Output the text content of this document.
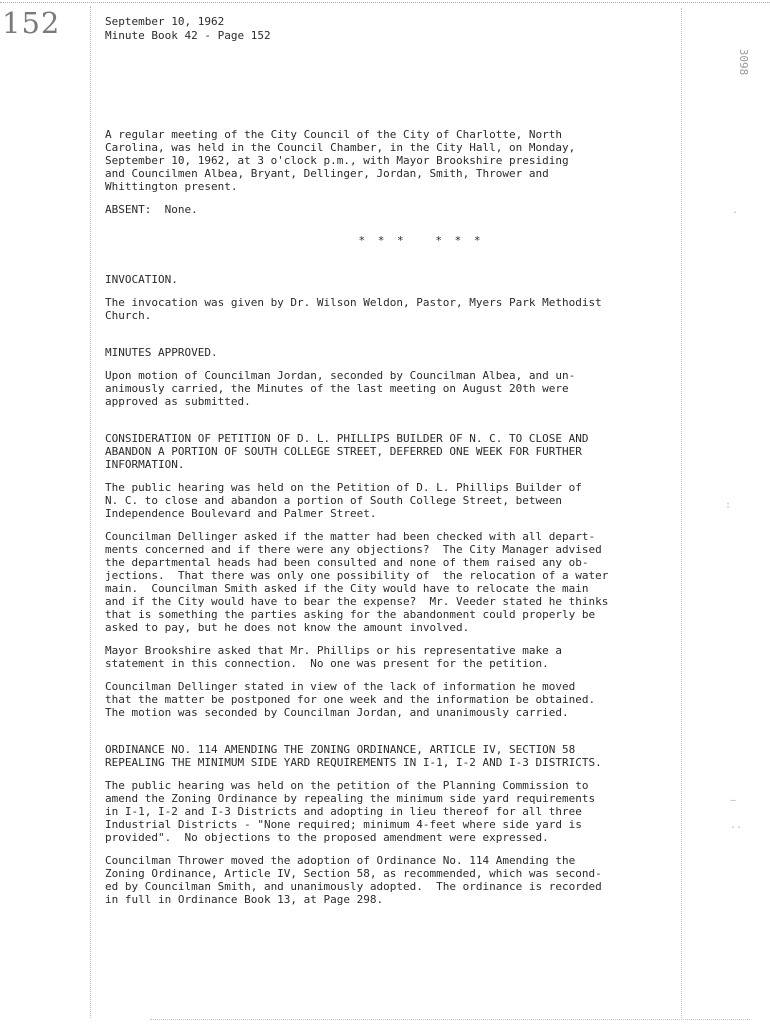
152	September 10, 1962
Minute Book 42 - Page 152
3098
.
:
—
..
A regular meeting of the City Council of the City of Charlotte, North
Carolina, was held in the Council Chamber, in the City Hall, on Monday,
September 10, 1962, at 3 o'clock p.m., with Mayor Brookshire presiding
and Councilmen Albea, Bryant, Dellinger, Jordan, Smith, Thrower and
Whittington present.
ABSENT:  None.
* * *   * * *
INVOCATION.
The invocation was given by Dr. Wilson Weldon, Pastor, Myers Park Methodist
Church.
MINUTES APPROVED.
Upon motion of Councilman Jordan, seconded by Councilman Albea, and un-
animously carried, the Minutes of the last meeting on August 20th were
approved as submitted.
CONSIDERATION OF PETITION OF D. L. PHILLIPS BUILDER OF N. C. TO CLOSE AND
ABANDON A PORTION OF SOUTH COLLEGE STREET, DEFERRED ONE WEEK FOR FURTHER
INFORMATION.
The public hearing was held on the Petition of D. L. Phillips Builder of
N. C. to close and abandon a portion of South College Street, between
Independence Boulevard and Palmer Street.
Councilman Dellinger asked if the matter had been checked with all depart-
ments concerned and if there were any objections?  The City Manager advised
the departmental heads had been consulted and none of them raised any ob-
jections.  That there was only one possibility of  the relocation of a water
main.  Councilman Smith asked if the City would have to relocate the main
and if the City would have to bear the expense?  Mr. Veeder stated he thinks
that is something the parties asking for the abandonment could properly be
asked to pay, but he does not know the amount involved.
Mayor Brookshire asked that Mr. Phillips or his representative make a
statement in this connection.  No one was present for the petition.
Councilman Dellinger stated in view of the lack of information he moved
that the matter be postponed for one week and the information be obtained.
The motion was seconded by Councilman Jordan, and unanimously carried.
ORDINANCE NO. 114 AMENDING THE ZONING ORDINANCE, ARTICLE IV, SECTION 58
REPEALING THE MINIMUM SIDE YARD REQUIREMENTS IN I-1, I-2 AND I-3 DISTRICTS.
The public hearing was held on the petition of the Planning Commission to
amend the Zoning Ordinance by repealing the minimum side yard requirements
in I-1, I-2 and I-3 Districts and adopting in lieu thereof for all three
Industrial Districts - "None required; minimum 4-feet where side yard is
provided".  No objections to the proposed amendment were expressed.
Councilman Thrower moved the adoption of Ordinance No. 114 Amending the
Zoning Ordinance, Article IV, Section 58, as recommended, which was second-
ed by Councilman Smith, and unanimously adopted.  The ordinance is recorded
in full in Ordinance Book 13, at Page 298.
